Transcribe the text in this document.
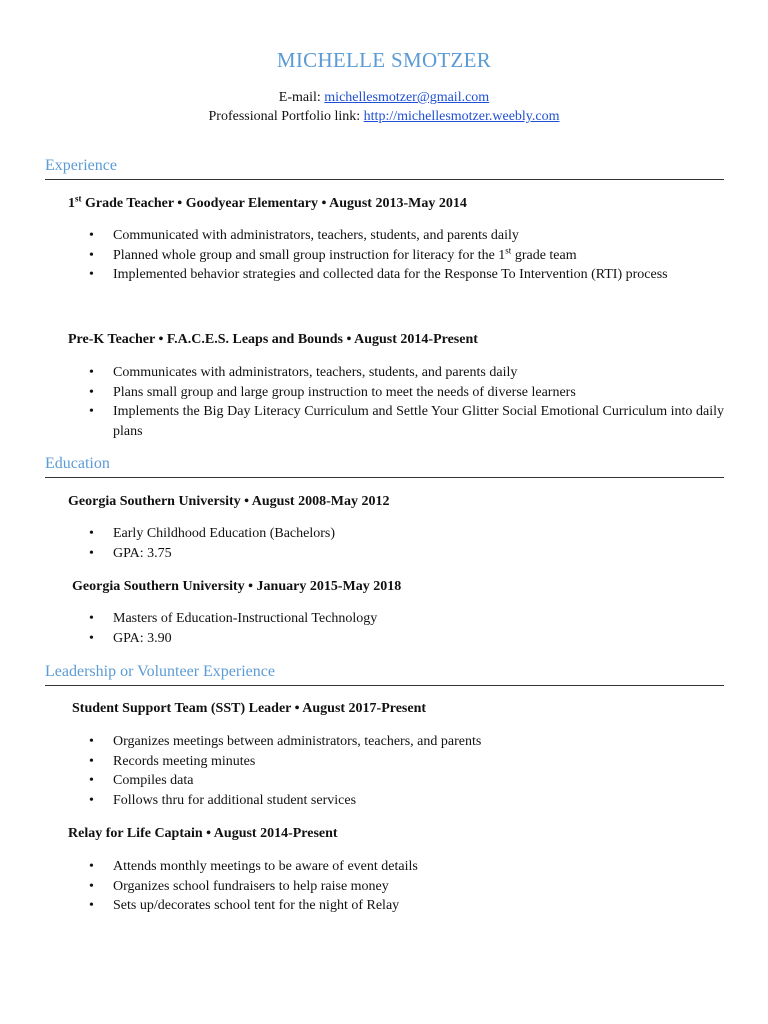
MICHELLE SMOTZER
E-mail: michellesmotzer@gmail.com
Professional Portfolio link: http://michellesmotzer.weebly.com
Experience
1st Grade Teacher • Goodyear Elementary • August 2013-May 2014
• Communicated with administrators, teachers, students, and parents daily
• Planned whole group and small group instruction for literacy for the 1st grade team
• Implemented behavior strategies and collected data for the Response To Intervention (RTI) process
Pre-K Teacher • F.A.C.E.S. Leaps and Bounds • August 2014-Present
• Communicates with administrators, teachers, students, and parents daily
• Plans small group and large group instruction to meet the needs of diverse learners
• Implements the Big Day Literacy Curriculum and Settle Your Glitter Social Emotional Curriculum into daily plans
Education
Georgia Southern University • August 2008-May 2012
• Early Childhood Education (Bachelors)
• GPA: 3.75
Georgia Southern University • January 2015-May 2018
• Masters of Education-Instructional Technology
• GPA: 3.90
Leadership or Volunteer Experience
Student Support Team (SST) Leader • August 2017-Present
• Organizes meetings between administrators, teachers, and parents
• Records meeting minutes
• Compiles data
• Follows thru for additional student services
Relay for Life Captain • August 2014-Present
• Attends monthly meetings to be aware of event details
• Organizes school fundraisers to help raise money
• Sets up/decorates school tent for the night of Relay
